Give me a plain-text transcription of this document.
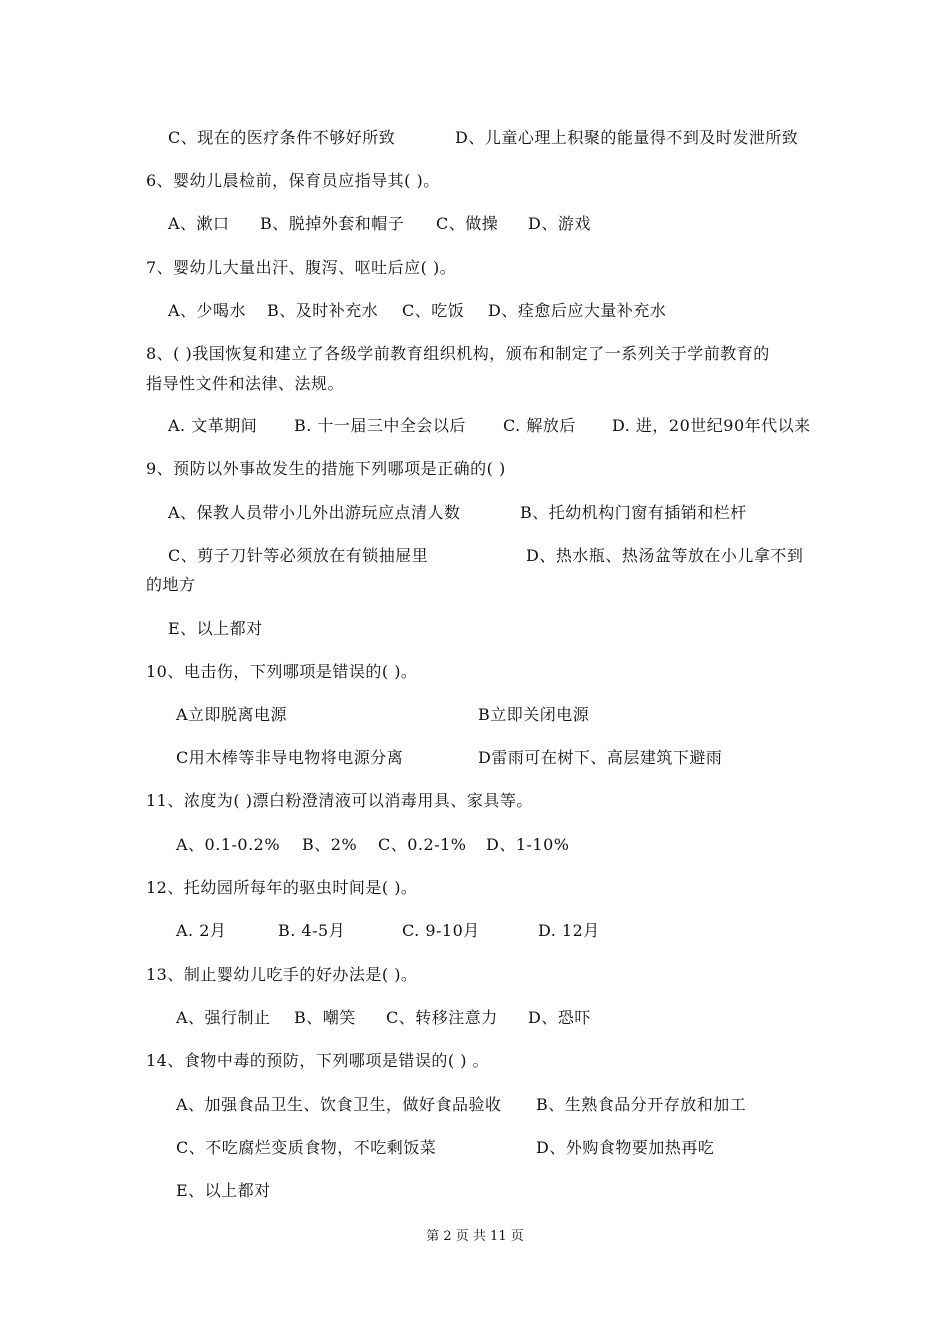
C、现在的医疗条件不够好所致	D、儿童心理上积聚的能量得不到及时发泄所致
6、婴幼儿晨检前，保育员应指导其( )。
A、漱口 B、脱掉外套和帽子 C、做操 D、游戏
7、婴幼儿大量出汗、腹泻、呕吐后应( )。
A、少喝水 B、及时补充水 C、吃饭 D、痊愈后应大量补充水
8、( )我国恢复和建立了各级学前教育组织机构，颁布和制定了一系列关于学前教育的
指导性文件和法律、法规。
A. 文革期间 B. 十一届三中全会以后 C. 解放后 D. 进，20世纪90年代以来
9、预防以外事故发生的措施下列哪项是正确的( )
A、保教人员带小儿外出游玩应点清人数	B、托幼机构门窗有插销和栏杆
C、剪子刀针等必须放在有锁抽屉里	D、热水瓶、热汤盆等放在小儿拿不到
的地方
E、以上都对
10、电击伤，下列哪项是错误的( )。
A立即脱离电源	B立即关闭电源
C用木棒等非导电物将电源分离	D雷雨可在树下、高层建筑下避雨
11、浓度为( )漂白粉澄清液可以消毒用具、家具等。
A、0.1-0.2% B、2% C、0.2-1% D、1-10%
12、托幼园所每年的驱虫时间是( )。
A. 2月	B. 4-5月	C. 9-10月	D. 12月
13、制止婴幼儿吃手的好办法是( )。
A、强行制止 B、嘲笑 C、转移注意力 D、恐吓
14、食物中毒的预防，下列哪项是错误的( ) 。
A、加强食品卫生、饮食卫生，做好食品验收 B、生熟食品分开存放和加工
C、不吃腐烂变质食物，不吃剩饭菜	D、外购食物要加热再吃
E、以上都对
第 2 页 共 11 页
